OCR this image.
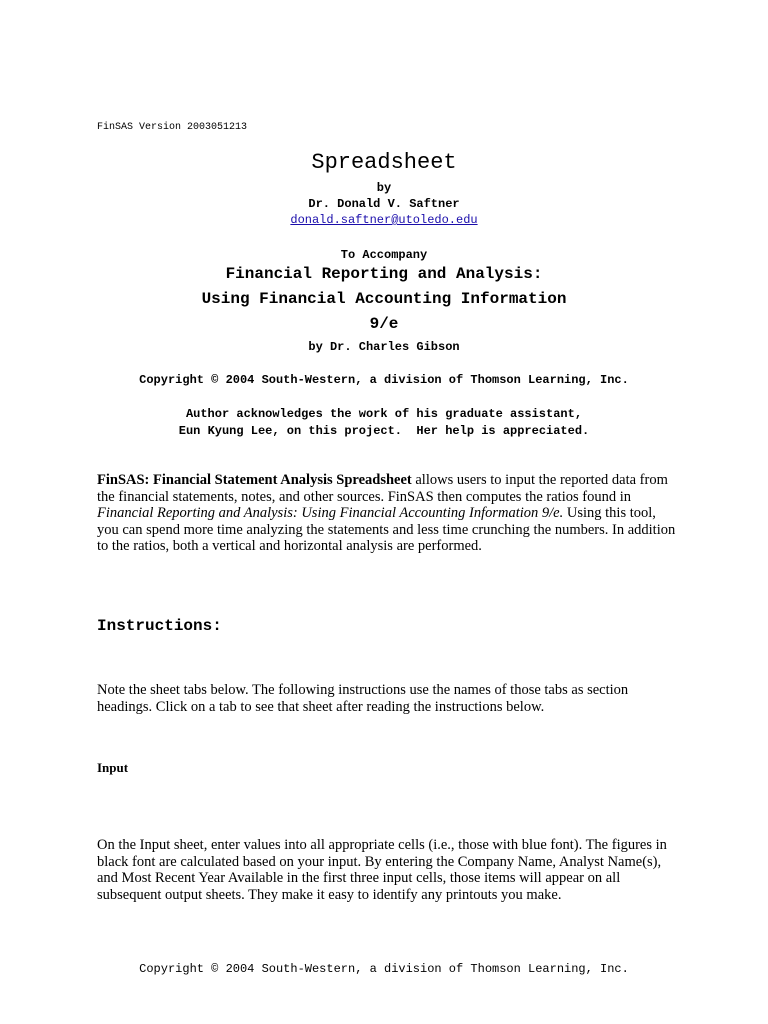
FinSAS Version 2003051213
Spreadsheet
by
Dr. Donald V. Saftner
donald.saftner@utoledo.edu
To Accompany
Financial Reporting and Analysis:
Using Financial Accounting Information
9/e
by Dr. Charles Gibson
Copyright © 2004 South-Western, a division of Thomson Learning, Inc.
Author acknowledges the work of his graduate assistant,
Eun Kyung Lee, on this project.  Her help is appreciated.
FinSAS: Financial Statement Analysis Spreadsheet allows users to input the reported data from the financial statements, notes, and other sources. FinSAS then computes the ratios found in Financial Reporting and Analysis: Using Financial Accounting Information 9/e. Using this tool, you can spend more time analyzing the statements and less time crunching the numbers. In addition to the ratios, both a vertical and horizontal analysis are performed.
Instructions:
Note the sheet tabs below. The following instructions use the names of those tabs as section headings. Click on a tab to see that sheet after reading the instructions below.
Input
On the Input sheet, enter values into all appropriate cells (i.e., those with blue font). The figures in black font are calculated based on your input. By entering the Company Name, Analyst Name(s), and Most Recent Year Available in the first three input cells, those items will appear on all subsequent output sheets. They make it easy to identify any printouts you make.
Copyright © 2004 South-Western, a division of Thomson Learning, Inc.
